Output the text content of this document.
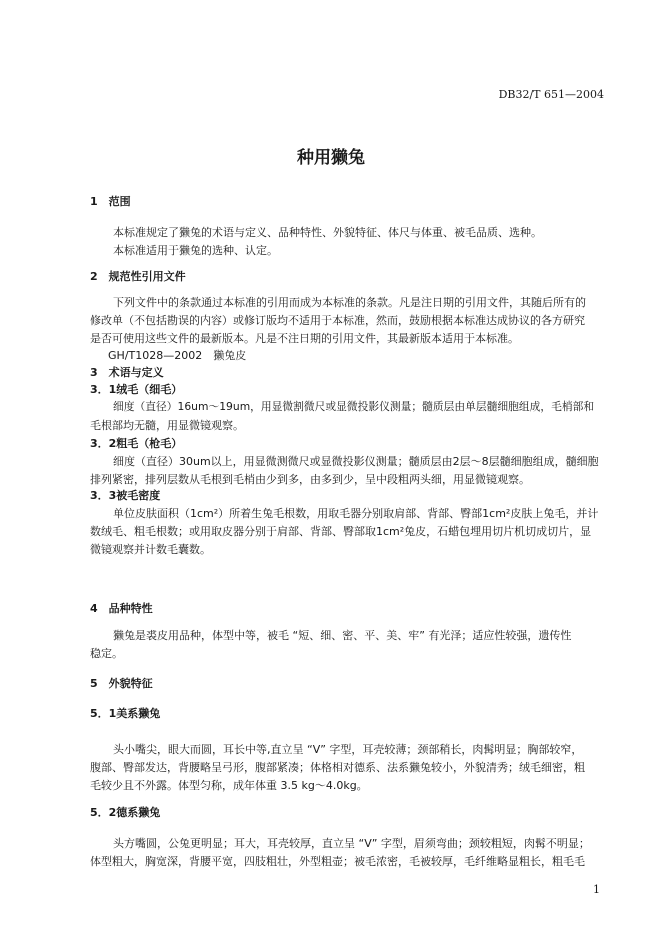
DB32/T 651—2004
种用獭兔
1　范围
本标准规定了獭兔的术语与定义、品种特性、外貌特征、体尺与体重、被毛品质、选种。
本标准适用于獭兔的选种、认定。
2　规范性引用文件
下列文件中的条款通过本标准的引用而成为本标准的条款。凡是注日期的引用文件，其随后所有的
修改单（不包括勘误的内容）或修订版均不适用于本标准，然而，鼓励根据本标准达成协议的各方研究
是否可使用这些文件的最新版本。凡是不注日期的引用文件，其最新版本适用于本标准。
GH/T1028—2002　獭兔皮
3　术语与定义
3．1绒毛（细毛）
细度（直径）16um～19um，用显微割微尺或显微投影仪测量；髓质层由单层髓细胞组成，毛梢部和
毛根部均无髓，用显微镜观察。
3．2粗毛（枪毛）
细度（直径）30um以上，用显微测微尺或显微投影仪测量；髓质层由2层～8层髓细胞组成，髓细胞
排列紧密，排列层数从毛根到毛梢由少到多，由多到少，呈中段粗两头细，用显微镜观察。
3．3被毛密度
单位皮肤面积（1cm²）所着生兔毛根数，用取毛器分别取肩部、背部、臀部1cm²皮肤上兔毛，并计
数绒毛、粗毛根数；或用取皮器分别于肩部、背部、臀部取1cm²兔皮，石蜡包埋用切片机切成切片，显
微镜观察并计数毛囊数。
4　品种特性
獭兔是裘皮用品种，体型中等，被毛 “短、细、密、平、美、牢” 有光泽；适应性较强，遗传性
稳定。
5　外貌特征
5．1美系獭兔
头小嘴尖，眼大而圆，耳长中等,直立呈 “V” 字型，耳壳较薄；颈部稍长，肉髯明显；胸部较窄，
腹部、臀部发达，背腰略呈弓形，腹部紧凑；体格相对德系、法系獭兔较小，外貌清秀；绒毛细密，粗
毛较少且不外露。体型匀称，成年体重 3.5 kg～4.0kg。
5．2德系獭兔
头方嘴圆，公兔更明显；耳大，耳壳较厚，直立呈 “V” 字型，眉须弯曲；颈较粗短，肉髯不明显；
体型粗大，胸宽深，背腰平宽，四肢粗壮，外型粗壶；被毛浓密，毛被较厚，毛纤维略显粗长，粗毛毛
1
